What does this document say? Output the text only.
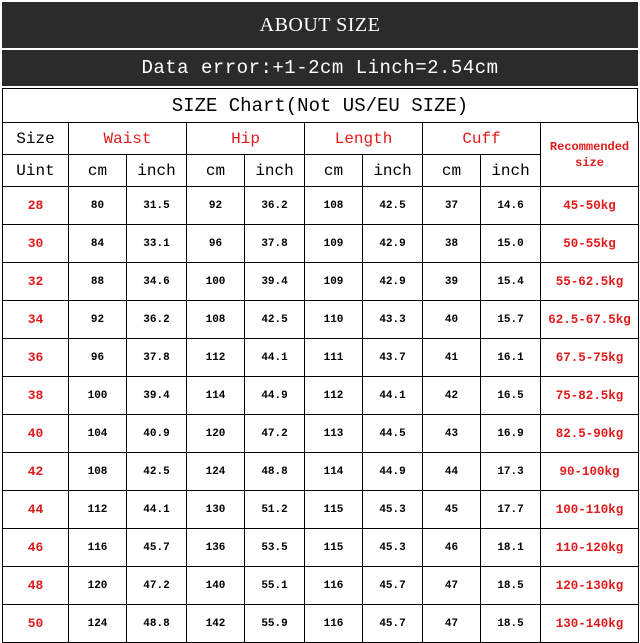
ABOUT SIZE
Data error:+1-2cm Linch=2.54cm
SIZE Chart(Not US/EU SIZE)
Size	Waist		Hip		Length		Cuff		Recommended size
Uint	cm	inch	cm	inch	cm	inch	cm	inch	
28	80	31.5	92	36.2	108	42.5	37	14.6	45-50kg
30	84	33.1	96	37.8	109	42.9	38	15.0	50-55kg
32	88	34.6	100	39.4	109	42.9	39	15.4	55-62.5kg
34	92	36.2	108	42.5	110	43.3	40	15.7	62.5-67.5kg
36	96	37.8	112	44.1	111	43.7	41	16.1	67.5-75kg
38	100	39.4	114	44.9	112	44.1	42	16.5	75-82.5kg
40	104	40.9	120	47.2	113	44.5	43	16.9	82.5-90kg
42	108	42.5	124	48.8	114	44.9	44	17.3	90-100kg
44	112	44.1	130	51.2	115	45.3	45	17.7	100-110kg
46	116	45.7	136	53.5	115	45.3	46	18.1	110-120kg
48	120	47.2	140	55.1	116	45.7	47	18.5	120-130kg
50	124	48.8	142	55.9	116	45.7	47	18.5	130-140kg
